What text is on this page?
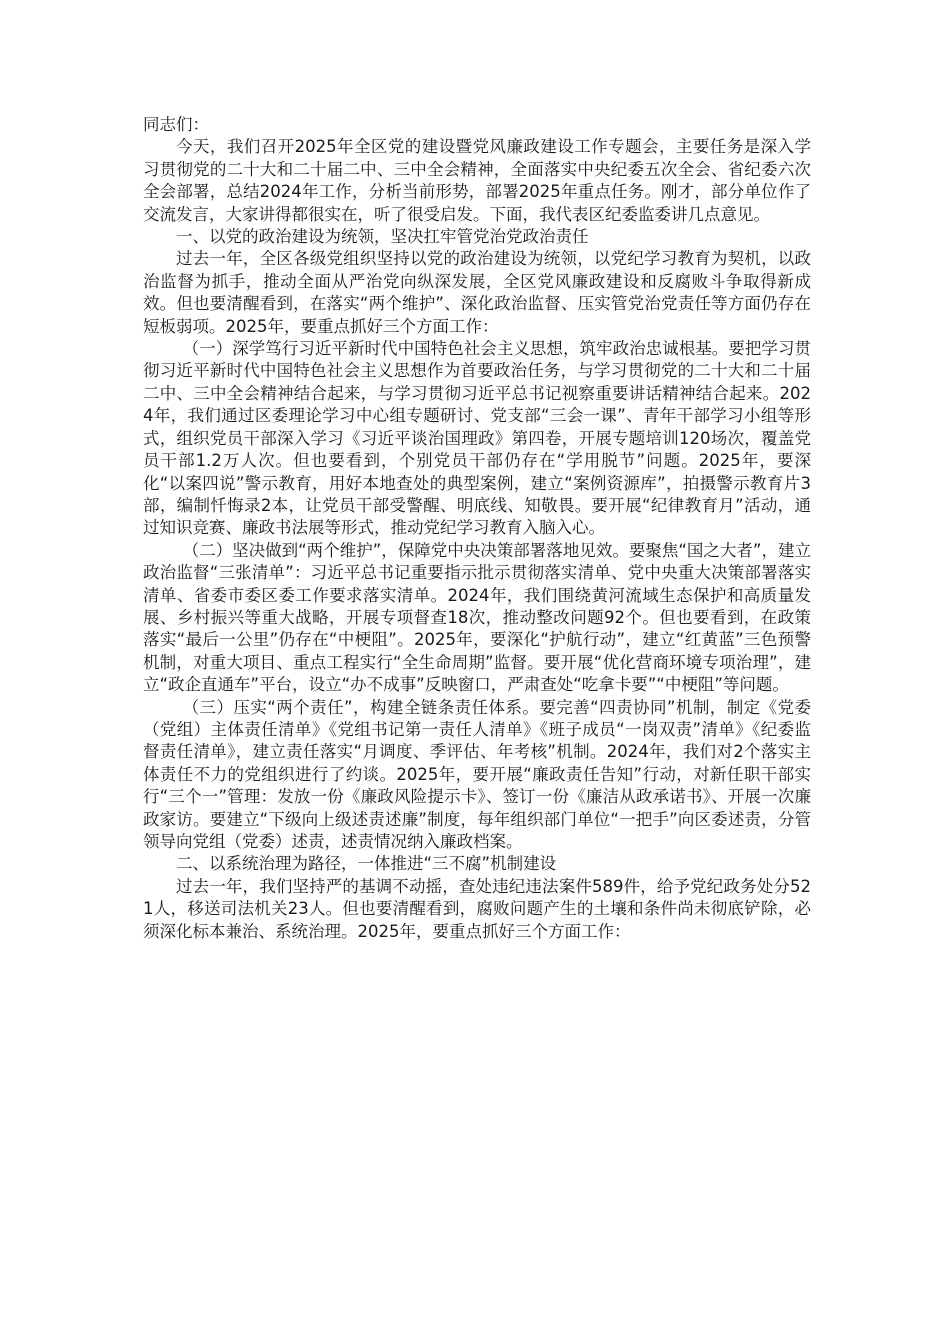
同志们：

今天，我们召开2025年全区党的建设暨党风廉政建设工作专题会，主要任务是深入学习贯彻党的二十大和二十届二中、三中全会精神，全面落实中央纪委五次全会、省纪委六次全会部署，总结2024年工作，分析当前形势，部署2025年重点任务。刚才，部分单位作了交流发言，大家讲得都很实在，听了很受启发。下面，我代表区纪委监委讲几点意见。

一、以党的政治建设为统领，坚决扛牢管党治党政治责任

过去一年，全区各级党组织坚持以党的政治建设为统领，以党纪学习教育为契机，以政治监督为抓手，推动全面从严治党向纵深发展，全区党风廉政建设和反腐败斗争取得新成效。但也要清醒看到，在落实“两个维护”、深化政治监督、压实管党治党责任等方面仍存在短板弱项。2025年，要重点抓好三个方面工作：

（一）深学笃行习近平新时代中国特色社会主义思想，筑牢政治忠诚根基。要把学习贯彻习近平新时代中国特色社会主义思想作为首要政治任务，与学习贯彻党的二十大和二十届二中、三中全会精神结合起来，与学习贯彻习近平总书记视察重要讲话精神结合起来。2024年，我们通过区委理论学习中心组专题研讨、党支部“三会一课”、青年干部学习小组等形式，组织党员干部深入学习《习近平谈治国理政》第四卷，开展专题培训120场次，覆盖党员干部1.2万人次。但也要看到，个别党员干部仍存在“学用脱节”问题。2025年，要深化“以案四说”警示教育，用好本地查处的典型案例，建立“案例资源库”，拍摄警示教育片3部，编制忏悔录2本，让党员干部受警醒、明底线、知敬畏。要开展“纪律教育月”活动，通过知识竞赛、廉政书法展等形式，推动党纪学习教育入脑入心。

（二）坚决做到“两个维护”，保障党中央决策部署落地见效。要聚焦“国之大者”，建立政治监督“三张清单”：习近平总书记重要指示批示贯彻落实清单、党中央重大决策部署落实清单、省委市委区委工作要求落实清单。2024年，我们围绕黄河流域生态保护和高质量发展、乡村振兴等重大战略，开展专项督查18次，推动整改问题92个。但也要看到，在政策落实“最后一公里”仍存在“中梗阻”。2025年，要深化“护航行动”，建立“红黄蓝”三色预警机制，对重大项目、重点工程实行“全生命周期”监督。要开展“优化营商环境专项治理”，建立“政企直通车”平台，设立“办不成事”反映窗口，严肃查处“吃拿卡要”“中梗阻”等问题。

（三）压实“两个责任”，构建全链条责任体系。要完善“四责协同”机制，制定《党委（党组）主体责任清单》《党组书记第一责任人清单》《班子成员“一岗双责”清单》《纪委监督责任清单》，建立责任落实“月调度、季评估、年考核”机制。2024年，我们对2个落实主体责任不力的党组织进行了约谈。2025年，要开展“廉政责任告知”行动，对新任职干部实行“三个一”管理：发放一份《廉政风险提示卡》、签订一份《廉洁从政承诺书》、开展一次廉政家访。要建立“下级向上级述责述廉”制度，每年组织部门单位“一把手”向区委述责，分管领导向党组（党委）述责，述责情况纳入廉政档案。

二、以系统治理为路径，一体推进“三不腐”机制建设

过去一年，我们坚持严的基调不动摇，查处违纪违法案件589件，给予党纪政务处分521人，移送司法机关23人。但也要清醒看到，腐败问题产生的土壤和条件尚未彻底铲除，必须深化标本兼治、系统治理。2025年，要重点抓好三个方面工作：
